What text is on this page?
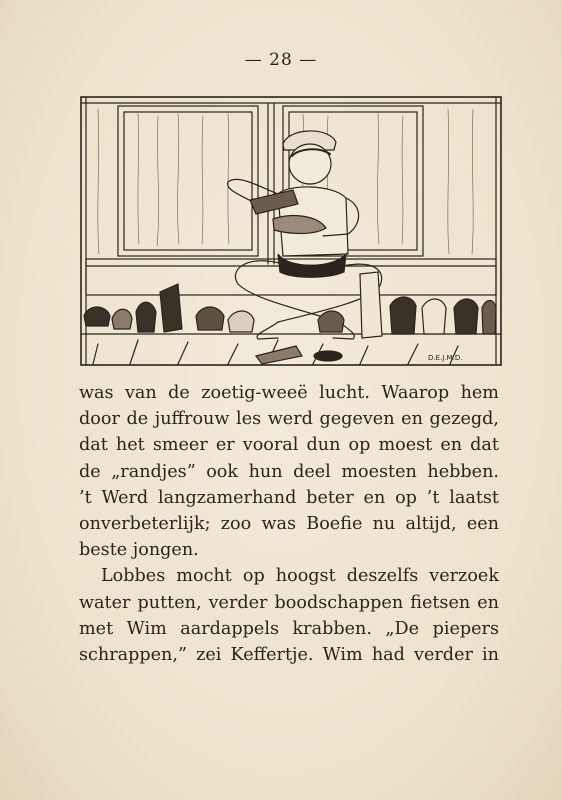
— 28 —
D.E.J.M.D.
was van de zoetig-weeë lucht. Waarop hem
door de juffrouw les werd gegeven en gezegd,
dat het smeer er vooral dun op moest en dat
de „randjes” ook hun deel moesten hebben.
’t Werd langzamerhand beter en op ’t laatst
onverbeterlijk; zoo was Boefie nu altijd, een
beste jongen.
Lobbes mocht op hoogst deszelfs verzoek
water putten, verder boodschappen fietsen en
met Wim aardappels krabben. „De piepers
schrappen,” zei Keffertje. Wim had verder in
